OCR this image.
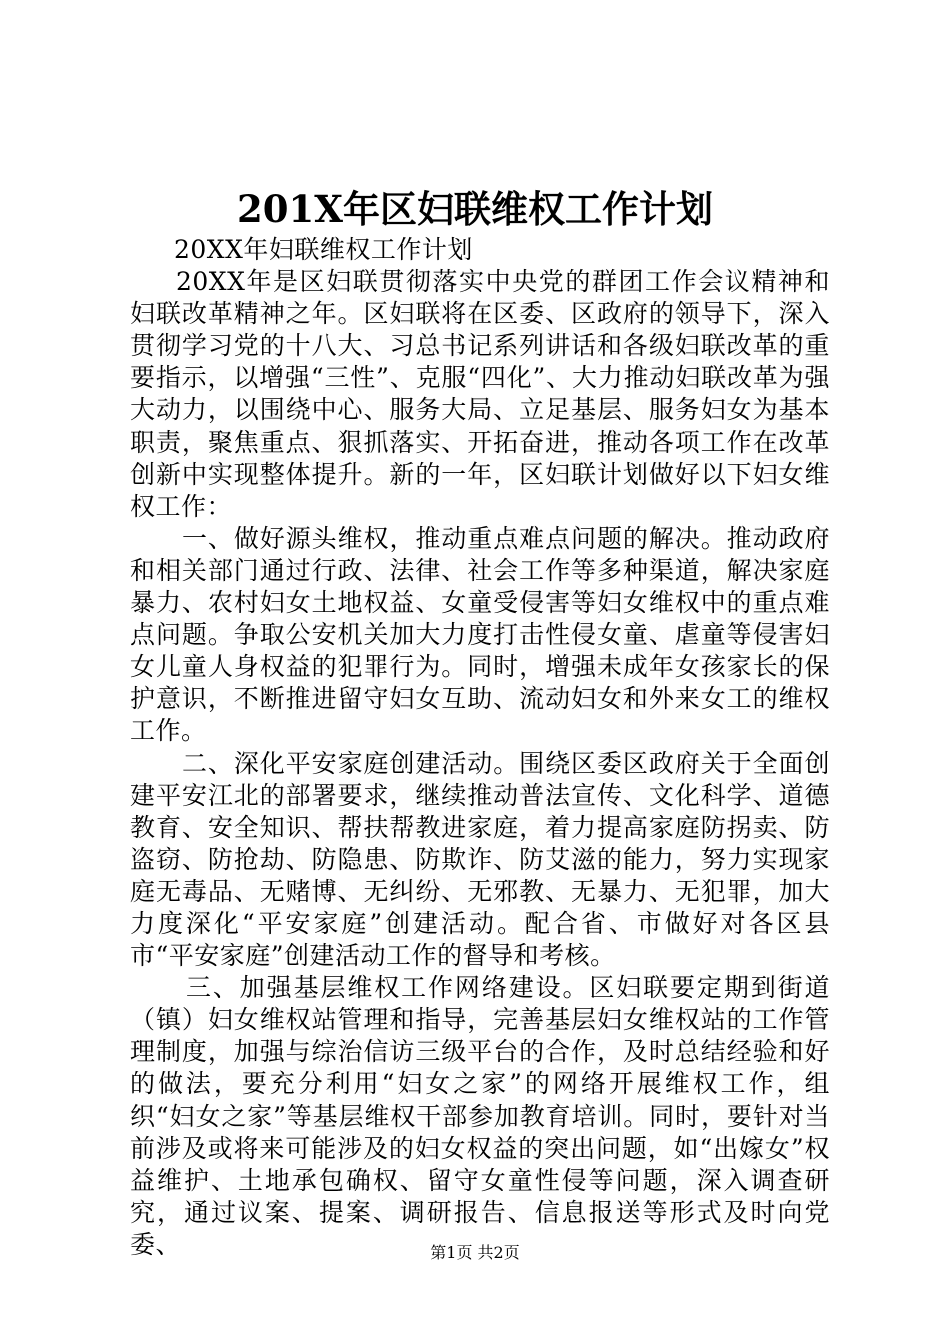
201X年区妇联维权工作计划

20XX年妇联维权工作计划

20XX年是区妇联贯彻落实中央党的群团工作会议精神和妇联改革精神之年。区妇联将在区委、区政府的领导下，深入贯彻学习党的十八大、习总书记系列讲话和各级妇联改革的重要指示，以增强“三性”、克服“四化”、大力推动妇联改革为强大动力，以围绕中心、服务大局、立足基层、服务妇女为基本职责，聚焦重点、狠抓落实、开拓奋进，推动各项工作在改革创新中实现整体提升。新的一年，区妇联计划做好以下妇女维权工作：

一、做好源头维权，推动重点难点问题的解决。推动政府和相关部门通过行政、法律、社会工作等多种渠道，解决家庭暴力、农村妇女土地权益、女童受侵害等妇女维权中的重点难点问题。争取公安机关加大力度打击性侵女童、虐童等侵害妇女儿童人身权益的犯罪行为。同时，增强未成年女孩家长的保护意识，不断推进留守妇女互助、流动妇女和外来女工的维权工作。

二、深化平安家庭创建活动。围绕区委区政府关于全面创建平安江北的部署要求，继续推动普法宣传、文化科学、道德教育、安全知识、帮扶帮教进家庭，着力提高家庭防拐卖、防盗窃、防抢劫、防隐患、防欺诈、防艾滋的能力，努力实现家庭无毒品、无赌博、无纠纷、无邪教、无暴力、无犯罪，加大力度深化“平安家庭”创建活动。配合省、市做好对各区县市“平安家庭”创建活动工作的督导和考核。

三、加强基层维权工作网络建设。区妇联要定期到街道（镇）妇女维权站管理和指导，完善基层妇女维权站的工作管理制度，加强与综治信访三级平台的合作，及时总结经验和好的做法，要充分利用“妇女之家”的网络开展维权工作，组织“妇女之家”等基层维权干部参加教育培训。同时，要针对当前涉及或将来可能涉及的妇女权益的突出问题，如“出嫁女”权益维护、土地承包确权、留守女童性侵等问题，深入调查研究，通过议案、提案、调研报告、信息报送等形式及时向党委、	第1页 共2页
